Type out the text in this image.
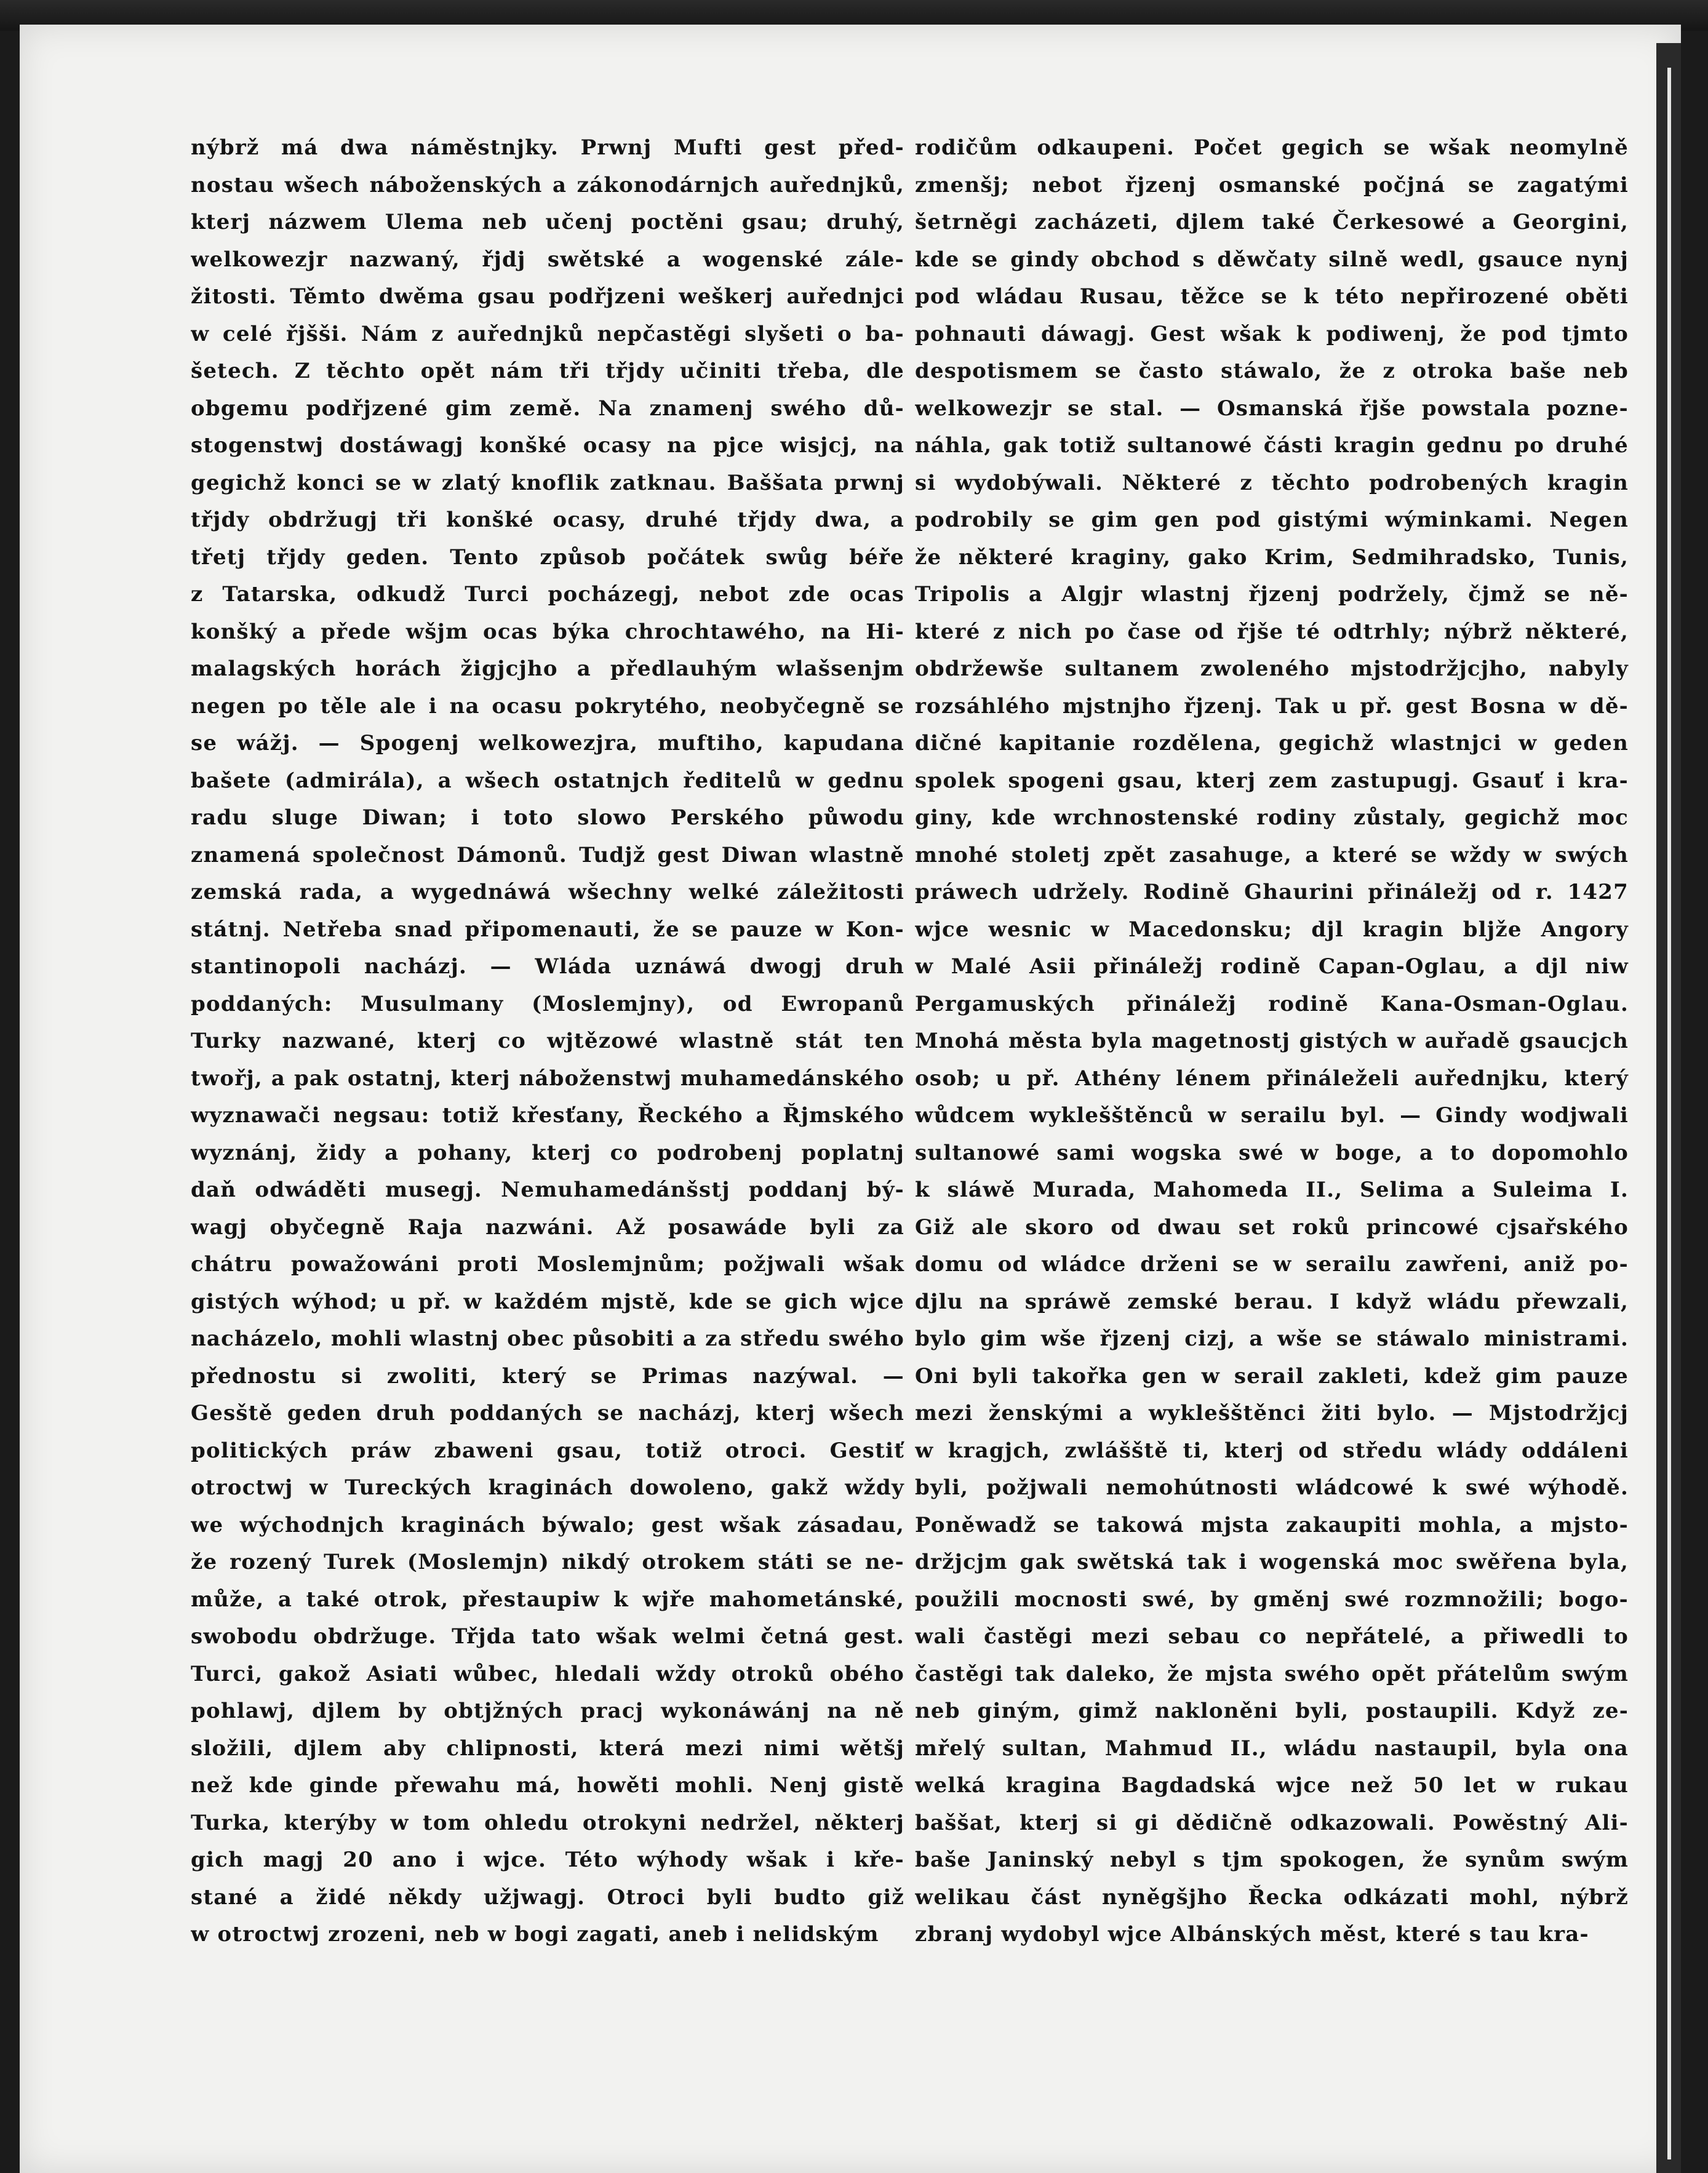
nýbrž má dwa náměstnjky. Prwnj Mufti gest před-
nostau wšech náboženských a zákonodárnjch auřednjků,
kterj názwem Ulema neb učenj poctěni gsau; druhý,
welkowezjr nazwaný, řjdj swětské a wogenské zále-
žitosti. Těmto dwěma gsau podřjzeni weškerj auřednjci
w celé řjšši. Nám z auřednjků nepčastěgi slyšeti o ba-
šetech. Z těchto opět nám tři třjdy učiniti třeba, dle
obgemu podřjzené gim země. Na znamenj swého dů-
stogenstwj dostáwagj konšké ocasy na pjce wisjcj, na
gegichž konci se w zlatý knoflik zatknau. Baššata prwnj
třjdy obdržugj tři konšké ocasy, druhé třjdy dwa, a
třetj třjdy geden. Tento způsob počátek swůg béře
z Tatarska, odkudž Turci pocházegj, nebot zde ocas
konšký a přede wšjm ocas býka chrochtawého, na Hi-
malagských horách žigjcjho a předlauhým wlašsenjm
negen po těle ale i na ocasu pokrytého, neobyčegně se
se wážj. — Spogenj welkowezjra, muftiho, kapudana
bašete (admirála), a wšech ostatnjch ředitelů w gednu
radu sluge Diwan; i toto slowo Perského půwodu
znamená společnost Dámonů. Tudjž gest Diwan wlastně
zemská rada, a wygednáwá wšechny welké záležitosti
státnj. Netřeba snad připomenauti, že se pauze w Kon-
stantinopoli nacházj. — Wláda uznáwá dwogj druh
poddaných: Musulmany (Moslemjny), od Ewropanů
Turky nazwané, kterj co wjtězowé wlastně stát ten
twořj, a pak ostatnj, kterj náboženstwj muhamedánského
wyznawači negsau: totiž křesťany, Řeckého a Řjmského
wyznánj, židy a pohany, kterj co podrobenj poplatnj
daň odwáděti musegj. Nemuhamedánšstj poddanj bý-
wagj obyčegně Raja nazwáni. Až posawáde byli za
chátru powažowáni proti Moslemjnům; požjwali wšak
gistých wýhod; u př. w každém mjstě, kde se gich wjce
nacházelo, mohli wlastnj obec působiti a za středu swého
přednostu si zwoliti, který se Primas nazýwal. —
Gesště geden druh poddaných se nacházj, kterj wšech
politických práw zbaweni gsau, totiž otroci. Gestiť
otroctwj w Tureckých kraginách dowoleno, gakž wždy
we wýchodnjch kraginách býwalo; gest wšak zásadau,
že rozený Turek (Moslemjn) nikdý otrokem státi se ne-
může, a také otrok, přestaupiw k wjře mahometánské,
swobodu obdržuge. Třjda tato wšak welmi četná gest.
Turci, gakož Asiati wůbec, hledali wždy otroků obého
pohlawj, djlem by obtjžných pracj wykonáwánj na ně
složili, djlem aby chlipnosti, která mezi nimi wětšj
než kde ginde přewahu má, howěti mohli. Nenj gistě
Turka, kterýby w tom ohledu otrokyni nedržel, některj
gich magj 20 ano i wjce. Této wýhody wšak i kře-
stané a židé někdy užjwagj. Otroci byli budto giž
w otroctwj zrozeni, neb w bogi zagati, aneb i nelidským
rodičům odkaupeni. Počet gegich se wšak neomylně
zmenšj; nebot řjzenj osmanské počjná se zagatými
šetrněgi zacházeti, djlem také Čerkesowé a Georgini,
kde se gindy obchod s děwčaty silně wedl, gsauce nynj
pod wládau Rusau, těžce se k této nepřirozené oběti
pohnauti dáwagj. Gest wšak k podiwenj, že pod tjmto
despotismem se často stáwalo, že z otroka baše neb
welkowezjr se stal. — Osmanská řjše powstala pozne-
náhla, gak totiž sultanowé části kragin gednu po druhé
si wydobýwali. Některé z těchto podrobených kragin
podrobily se gim gen pod gistými wýminkami. Negen
že některé kraginy, gako Krim, Sedmihradsko, Tunis,
Tripolis a Algjr wlastnj řjzenj podržely, čjmž se ně-
které z nich po čase od řjše té odtrhly; nýbrž některé,
obdržewše sultanem zwoleného mjstodržjcjho, nabyly
rozsáhlého mjstnjho řjzenj. Tak u př. gest Bosna w dě-
dičné kapitanie rozdělena, gegichž wlastnjci w geden
spolek spogeni gsau, kterj zem zastupugj. Gsauť i kra-
giny, kde wrchnostenské rodiny zůstaly, gegichž moc
mnohé stoletj zpět zasahuge, a které se wždy w swých
práwech udržely. Rodině Ghaurini přináležj od r. 1427
wjce wesnic w Macedonsku; djl kragin bljže Angory
w Malé Asii přináležj rodině Capan-Oglau, a djl niw
Pergamuských přináležj rodině Kana-Osman-Oglau.
Mnohá města byla magetnostj gistých w auřadě gsaucjch
osob; u př. Athény lénem přináleželi auřednjku, který
wůdcem wyklešštěnců w serailu byl. — Gindy wodjwali
sultanowé sami wogska swé w boge, a to dopomohlo
k sláwě Murada, Mahomeda II., Selima a Suleima I.
Giž ale skoro od dwau set roků princowé cjsařského
domu od wládce drženi se w serailu zawřeni, aniž po-
djlu na spráwě zemské berau. I když wládu přewzali,
bylo gim wše řjzenj cizj, a wše se stáwalo ministrami.
Oni byli takořka gen w serail zakleti, kdež gim pauze
mezi ženskými a wyklešštěnci žiti bylo. — Mjstodržjcj
w kragjch, zwlášště ti, kterj od středu wlády oddáleni
byli, požjwali nemohútnosti wládcowé k swé wýhodě.
Poněwadž se takowá mjsta zakaupiti mohla, a mjsto-
držjcjm gak swětská tak i wogenská moc swěřena byla,
použili mocnosti swé, by gměnj swé rozmnožili; bogo-
wali častěgi mezi sebau co nepřátelé, a přiwedli to
častěgi tak daleko, že mjsta swého opět přátelům swým
neb giným, gimž nakloněni byli, postaupili. Když ze-
mřelý sultan, Mahmud II., wládu nastaupil, byla ona
welká kragina Bagdadská wjce než 50 let w rukau
baššat, kterj si gi dědičně odkazowali. Powěstný Ali-
baše Janinský nebyl s tjm spokogen, že synům swým
welikau část nyněgšjho Řecka odkázati mohl, nýbrž
zbranj wydobyl wjce Albánských měst, které s tau kra-
